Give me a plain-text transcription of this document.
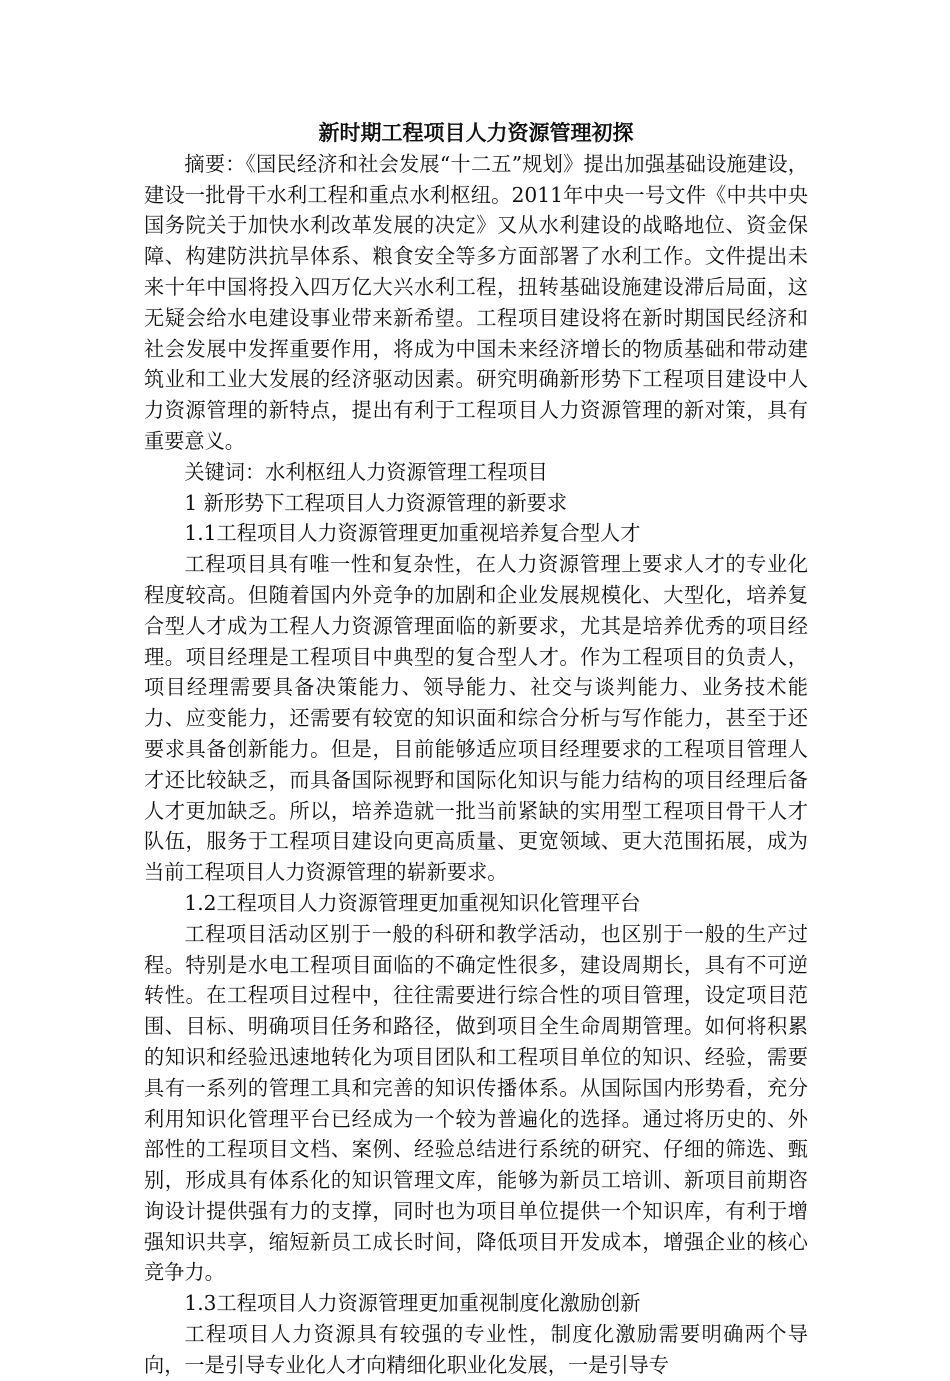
新时期工程项目人力资源管理初探

摘要：《国民经济和社会发展“十二五”规划》提出加强基础设施建设，建设一批骨干水利工程和重点水利枢纽。2011年中央一号文件《中共中央国务院关于加快水利改革发展的决定》又从水利建设的战略地位、资金保障、构建防洪抗旱体系、粮食安全等多方面部署了水利工作。文件提出未来十年中国将投入四万亿大兴水利工程，扭转基础设施建设滞后局面，这无疑会给水电建设事业带来新希望。工程项目建设将在新时期国民经济和社会发展中发挥重要作用，将成为中国未来经济增长的物质基础和带动建筑业和工业大发展的经济驱动因素。研究明确新形势下工程项目建设中人力资源管理的新特点，提出有利于工程项目人力资源管理的新对策，具有重要意义。

关键词：水利枢纽人力资源管理工程项目

1 新形势下工程项目人力资源管理的新要求

1.1工程项目人力资源管理更加重视培养复合型人才

工程项目具有唯一性和复杂性，在人力资源管理上要求人才的专业化程度较高。但随着国内外竞争的加剧和企业发展规模化、大型化，培养复合型人才成为工程人力资源管理面临的新要求，尤其是培养优秀的项目经理。项目经理是工程项目中典型的复合型人才。作为工程项目的负责人，项目经理需要具备决策能力、领导能力、社交与谈判能力、业务技术能力、应变能力，还需要有较宽的知识面和综合分析与写作能力，甚至于还要求具备创新能力。但是，目前能够适应项目经理要求的工程项目管理人才还比较缺乏，而具备国际视野和国际化知识与能力结构的项目经理后备人才更加缺乏。所以，培养造就一批当前紧缺的实用型工程项目骨干人才队伍，服务于工程项目建设向更高质量、更宽领域、更大范围拓展，成为当前工程项目人力资源管理的崭新要求。

1.2工程项目人力资源管理更加重视知识化管理平台

工程项目活动区别于一般的科研和教学活动，也区别于一般的生产过程。特别是水电工程项目面临的不确定性很多，建设周期长，具有不可逆转性。在工程项目过程中，往往需要进行综合性的项目管理，设定项目范围、目标、明确项目任务和路径，做到项目全生命周期管理。如何将积累的知识和经验迅速地转化为项目团队和工程项目单位的知识、经验，需要具有一系列的管理工具和完善的知识传播体系。从国际国内形势看，充分利用知识化管理平台已经成为一个较为普遍化的选择。通过将历史的、外部性的工程项目文档、案例、经验总结进行系统的研究、仔细的筛选、甄别，形成具有体系化的知识管理文库，能够为新员工培训、新项目前期咨询设计提供强有力的支撑，同时也为项目单位提供一个知识库，有利于增强知识共享，缩短新员工成长时间，降低项目开发成本，增强企业的核心竞争力。

1.3工程项目人力资源管理更加重视制度化激励创新

工程项目人力资源具有较强的专业性，制度化激励需要明确两个导向，一是引导专业化人才向精细化职业化发展，一是引导专
